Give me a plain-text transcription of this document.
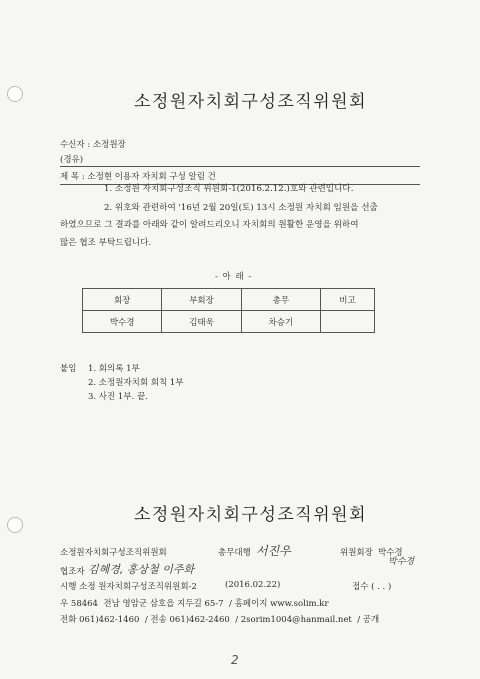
소정원자치회구성조직위원회
수신자 : 소정원장
(경유)
제 목 : 소정현 이용자 자치회 구성 알림 건
1. 소정원 자치회구성조직 위원회-1(2016.2.12.)호와 관련입니다.
2. 위호와 관련하여 '16년 2월 20일(토) 13시 소정원 자치회 임원을 선출
하였으므로 그 결과를 아래와 같이 알려드리오니 자치회의 원활한 운영을 위하여
많은 협조 부탁드립니다.
- 아 래 -
회장	부회장	총무	비고
박수경	김태욱	차승기	
붙임 1. 회의록 1부
2. 소정원자치회 회칙 1부
3. 사진 1부. 끝.
소정원자치회구성조직위원회
소정원자치회구성조직위원회	총무대행 서진우	위원회장 박수경
박수경
협조자 김혜경, 홍상철 이주화
시행 소정 원자치회구성조직위원회-2	(2016.02.22)	접수 ( . . )
우 58464 전남 영암군 삼호읍 지두길 65-7 / 홈페이지 www.solim.kr
전화 061)462-1460 / 전송 061)462-2460 / 2sorim1004@hanmail.net / 공개
2
